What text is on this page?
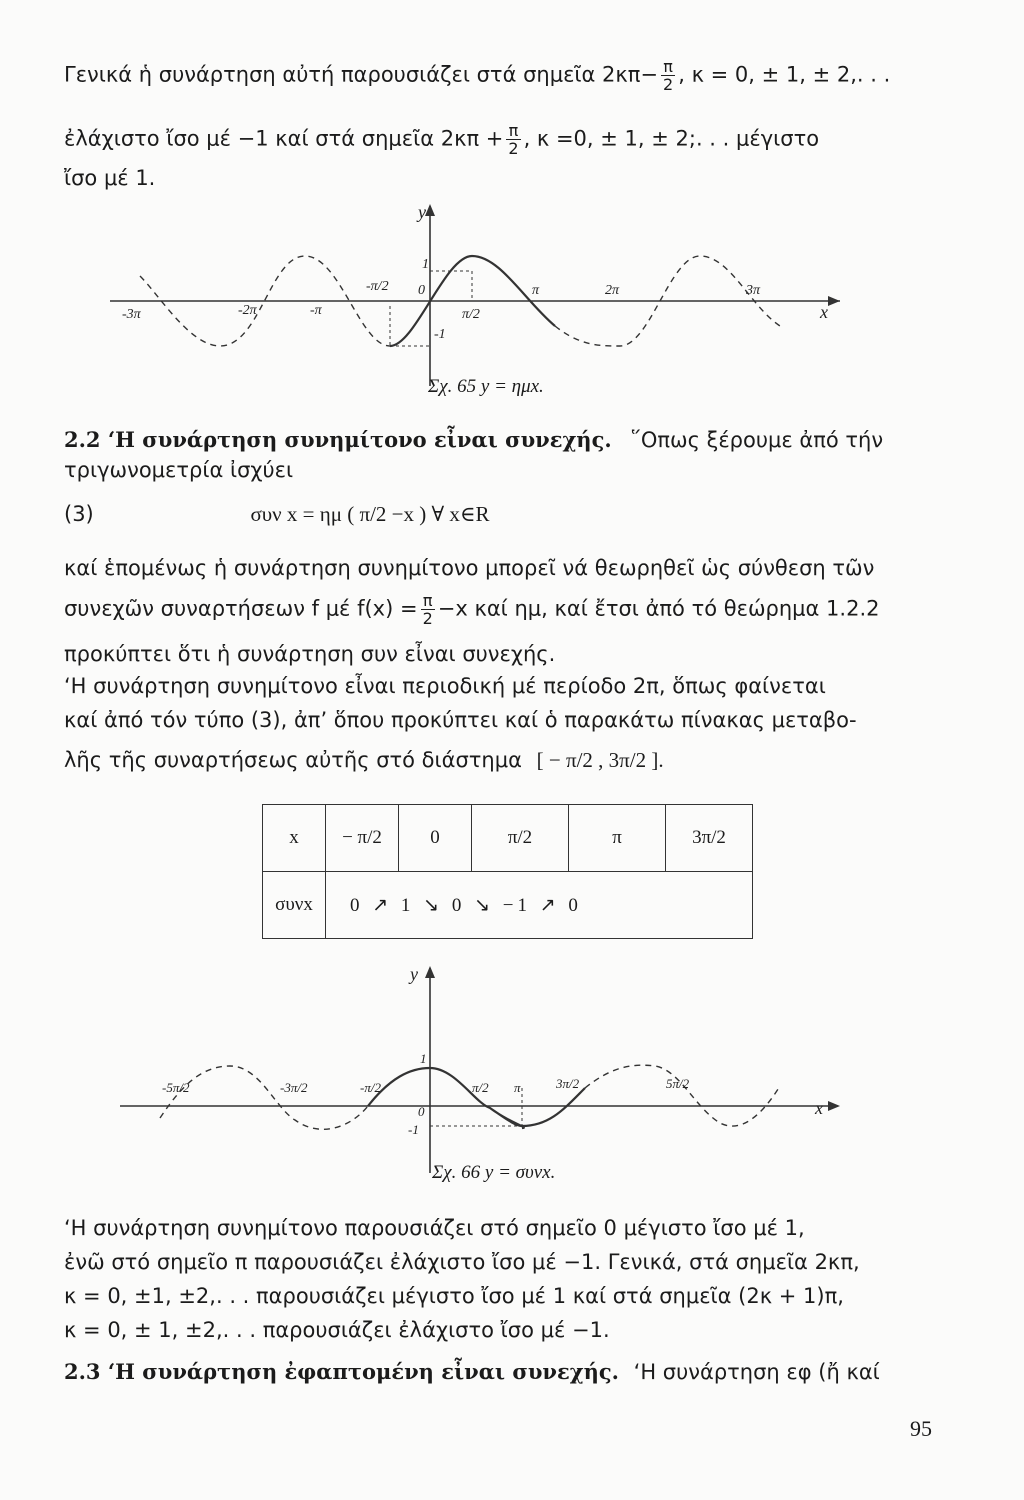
Γενικά ἡ συνάρτηση αὐτή παρουσιάζει στά σημεῖα $2\kappa\pi- \frac{\pi}{2}$ , κ = 0, ± 1, ± 2,. . .
ἐλάχιστο ἴσο μέ −1 καί στά σημεῖα $2\kappa\pi + \frac{\pi}{2}$ , κ =0, ± 1, ± 2;. . . μέγιστο
ἴσο μέ 1.
y
x
1
-1
-3π	-2π	-π
-π/2 0
π/2
π	2π	3π
Σχ. 65 y = ημx.
2.2 ‘Η συνάρτηση συνημίτονο εἶναι συνεχής. ῞Οπως ξέρουμε ἀπό τήν
τριγωνομετρία ἰσχύει
(3)	συν x = ημ ( π/2 −x ) ∀ x∈R
καί ἑπομένως ἡ συνάρτηση συνημίτονο μπορεῖ νά θεωρηθεῖ ὡς σύνθεση τῶν
συνεχῶν συναρτήσεων f μέ $f(x) = \frac{\pi}{2} -x$ καί ημ, καί ἔτσι ἀπό τό θεώρημα 1.2.2
προκύπτει ὅτι ἡ συνάρτηση συν εἶναι συνεχής.
‘Η συνάρτηση συνημίτονο εἶναι περιοδική μέ περίοδο 2π, ὅπως φαίνεται
καί ἀπό τόν τύπο (3), ἀπ’ ὅπου προκύπτει καί ὁ παρακάτω πίνακας μεταβο-
λῆς τῆς συναρτήσεως αὐτῆς στό διάστημα [ − π/2 , 3π/2 ].
x	− π/2	0	π/2	π	3π/2
συνx	0 ↗ 1 ↘ 0 ↘ −1 ↗ 0				
y
x
1
-1
0
-5π/2	-3π/2	-π/2	π/2 π	3π/2	5π/2
Σχ. 66 y = συνx.
‘Η συνάρτηση συνημίτονο παρουσιάζει στό σημεῖο 0 μέγιστο ἴσο μέ 1,
ἐνῶ στό σημεῖο π παρουσιάζει ἐλάχιστο ἴσο μέ −1. Γενικά, στά σημεῖα 2κπ,
κ = 0, ±1, ±2,. . . παρουσιάζει μέγιστο ἴσο μέ 1 καί στά σημεῖα (2κ + 1)π,
κ = 0, ± 1, ±2,. . . παρουσιάζει ἐλάχιστο ἴσο μέ −1.
2.3 ‘Η συνάρτηση ἐφαπτομένη εἶναι συνεχής. ‘Η συνάρτηση εφ (ἤ καί
95
